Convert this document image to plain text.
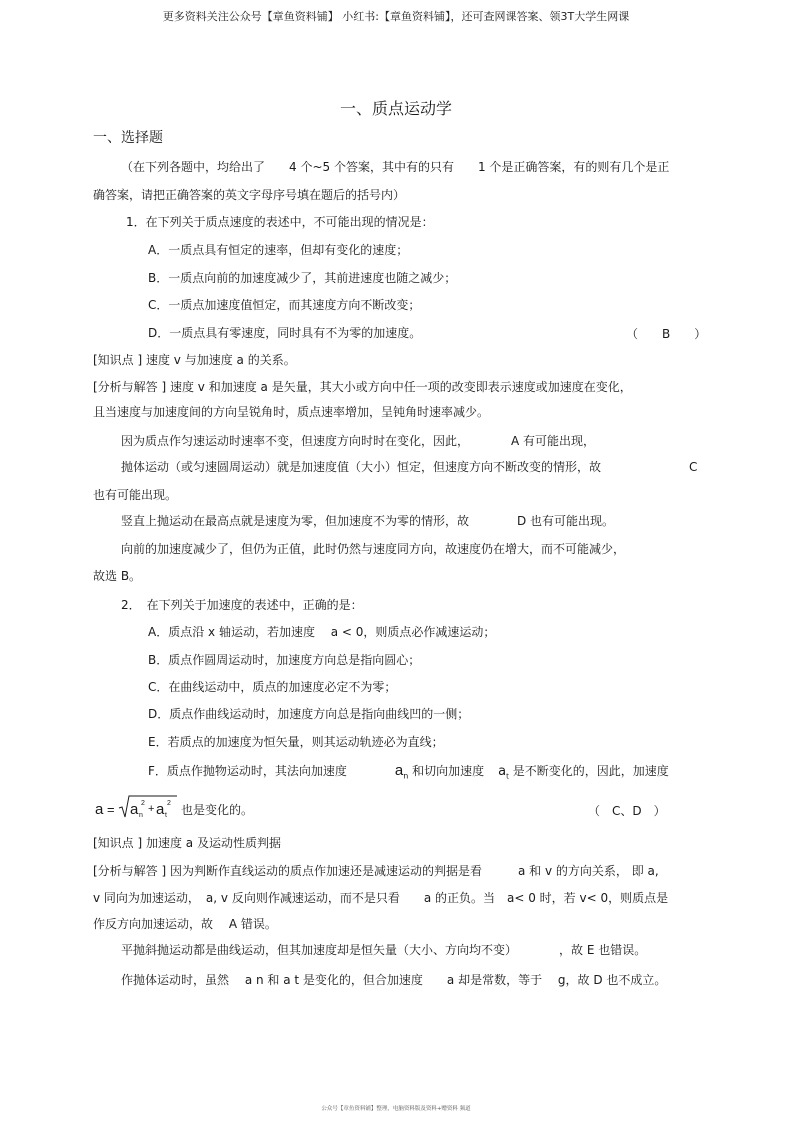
更多资料关注公众号【章鱼资料铺】 小红书:【章鱼资料铺】，还可查网课答案、领3T大学生网课
一、质点运动学
一、选择题
（在下列各题中，均给出了　　4 个~5 个答案，其中有的只有　　1 个是正确答案，有的则有几个是正
确答案，请把正确答案的英文字母序号填在题后的括号内）
1．在下列关于质点速度的表述中，不可能出现的情况是：
A．一质点具有恒定的速率，但却有变化的速度；
B．一质点向前的加速度减少了，其前进速度也随之减少；
C．一质点加速度值恒定，而其速度方向不断改变；
D．一质点具有零速度，同时具有不为零的加速度。	（　　B　　）
[知识点 ] 速度 v 与加速度 a 的关系。
[分析与解答 ] 速度 v 和加速度 a 是矢量，其大小或方向中任一项的改变即表示速度或加速度在变化，
且当速度与加速度间的方向呈锐角时，质点速率增加，呈钝角时速率减少。
因为质点作匀速运动时速率不变，但速度方向时时在变化，因此，　　　　A 有可能出现，
抛体运动（或匀速圆周运动）就是加速度值（大小）恒定，但速度方向不断改变的情形，故	C
也有可能出现。
竖直上抛运动在最高点就是速度为零，但加速度不为零的情形，故　　　　D 也有可能出现。
向前的加速度减少了，但仍为正值，此时仍然与速度同方向，故速度仍在增大，而不可能减少，
故选 B。
2．　在下列关于加速度的表述中，正确的是：
A．质点沿 x 轴运动，若加速度　 a < 0，则质点必作减速运动；
B．质点作圆周运动时，加速度方向总是指向圆心；
C．在曲线运动中，质点的加速度必定不为零；
D．质点作曲线运动时，加速度方向总是指向曲线凹的一侧；
E．若质点的加速度为恒矢量，则其运动轨迹必为直线；
F．质点作抛物运动时，其法向加速度	$a_n$ 和切向加速度 $a_t$ 是不断变化的，因此，加速度
a = a n
2 + a t
2 也是变化的。	（　C、D　）
[知识点 ] 加速度 a 及运动性质判据
[分析与解答 ] 因为判断作直线运动的质点作加速还是减速运动的判据是看　　　a 和 v 的方向关系， 即 a,
v 同向为加速运动，　a, v 反向则作减速运动，而不是只看　　a 的正负。当　a< 0 时，若 v< 0，则质点是
作反方向加速运动，故　 A 错误。
平抛斜抛运动都是曲线运动，但其加速度却是恒矢量（大小、方向均不变）　　　　，故 E 也错误。
作抛体运动时，虽然　 a n 和 a t 是变化的，但合加速度　　a 却是常数，等于　 g，故 D 也不成立。
公众号【章鱼资料铺】整理，电脑资料版及资料+赠资料 频道
